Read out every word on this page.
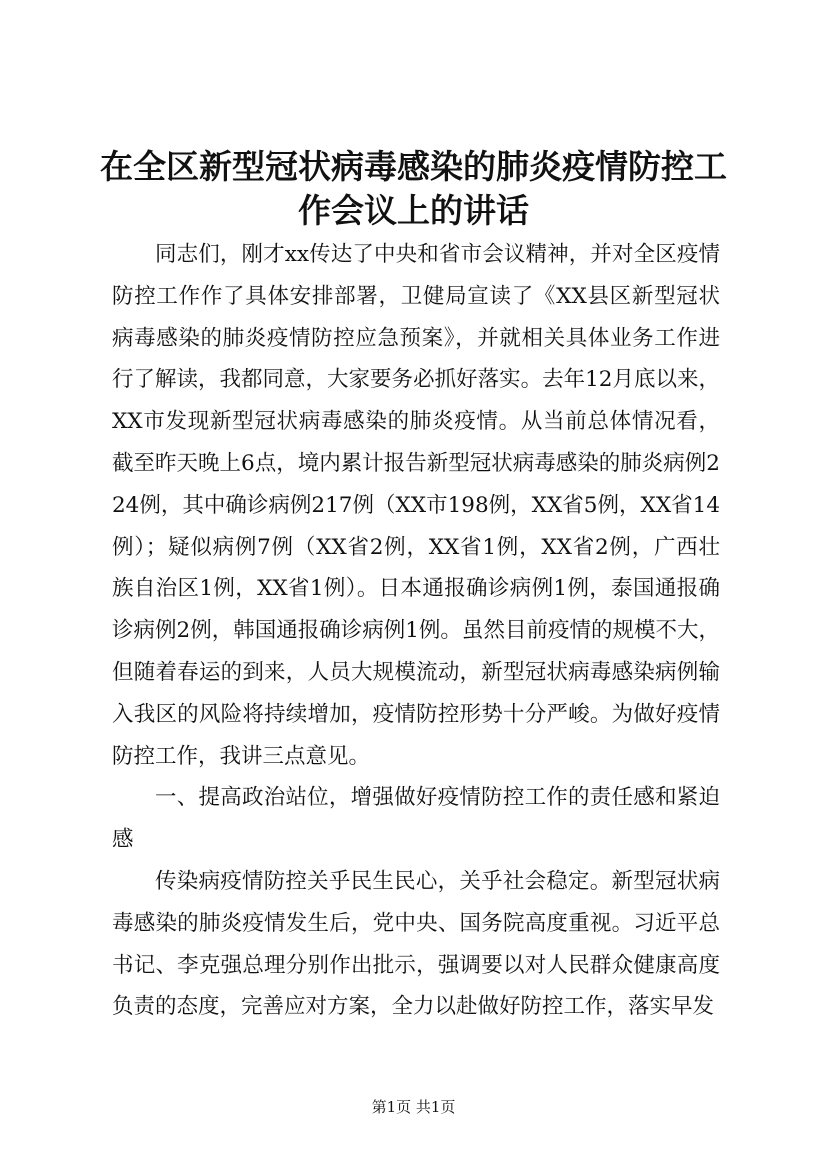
在全区新型冠状病毒感染的肺炎疫情防控工作会议上的讲话

同志们，刚才xx传达了中央和省市会议精神，并对全区疫情防控工作作了具体安排部署，卫健局宣读了《XX县区新型冠状病毒感染的肺炎疫情防控应急预案》，并就相关具体业务工作进行了解读，我都同意，大家要务必抓好落实。去年12月底以来，XX市发现新型冠状病毒感染的肺炎疫情。从当前总体情况看，截至昨天晚上6点，境内累计报告新型冠状病毒感染的肺炎病例224例，其中确诊病例217例（XX市198例，XX省5例，XX省14例）；疑似病例7例（XX省2例，XX省1例，XX省2例，广西壮族自治区1例，XX省1例）。日本通报确诊病例1例，泰国通报确诊病例2例，韩国通报确诊病例1例。虽然目前疫情的规模不大，但随着春运的到来，人员大规模流动，新型冠状病毒感染病例输入我区的风险将持续增加，疫情防控形势十分严峻。为做好疫情防控工作，我讲三点意见。

一、提高政治站位，增强做好疫情防控工作的责任感和紧迫感

传染病疫情防控关乎民生民心，关乎社会稳定。新型冠状病毒感染的肺炎疫情发生后，党中央、国务院高度重视。习近平总书记、李克强总理分别作出批示，强调要以对人民群众健康高度负责的态度，完善应对方案，全力以赴做好防控工作，落实早发

第1页 共1页
